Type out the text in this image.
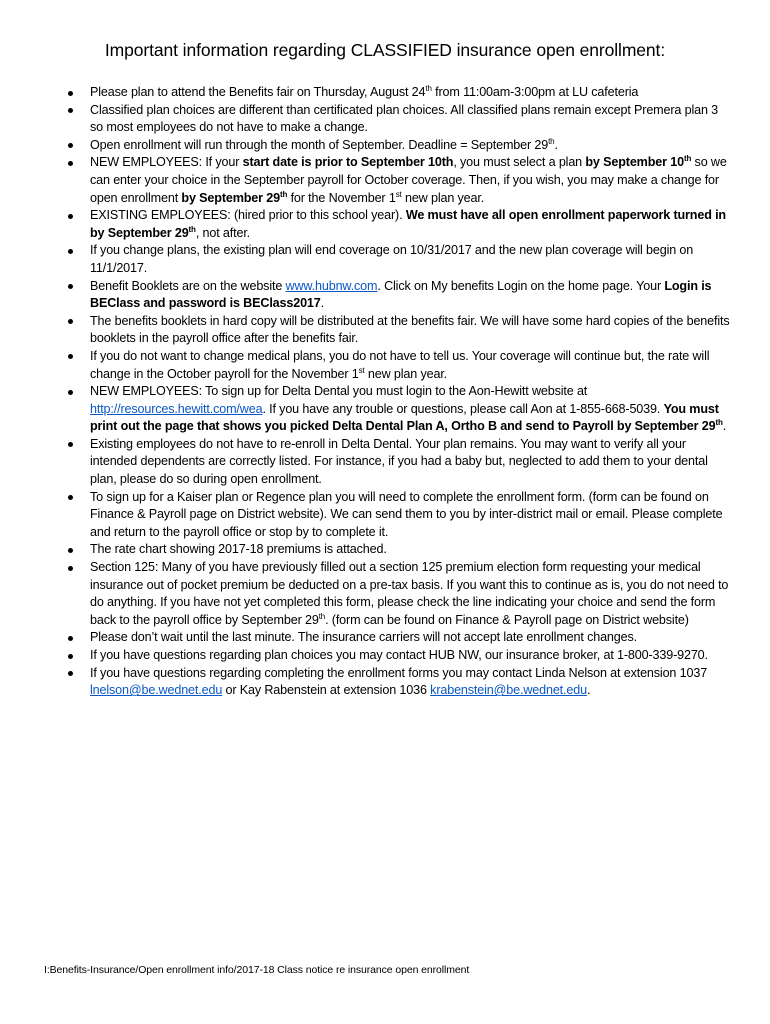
Important information regarding CLASSIFIED insurance open enrollment:
Please plan to attend the Benefits fair on Thursday, August 24th from 11:00am-3:00pm at LU cafeteria
Classified plan choices are different than certificated plan choices. All classified plans remain except Premera plan 3 so most employees do not have to make a change.
Open enrollment will run through the month of September. Deadline = September 29th.
NEW EMPLOYEES: If your start date is prior to September 10th, you must select a plan by September 10th so we can enter your choice in the September payroll for October coverage. Then, if you wish, you may make a change for open enrollment by September 29th for the November 1st new plan year.
EXISTING EMPLOYEES: (hired prior to this school year). We must have all open enrollment paperwork turned in by September 29th, not after.
If you change plans, the existing plan will end coverage on 10/31/2017 and the new plan coverage will begin on 11/1/2017.
Benefit Booklets are on the website www.hubnw.com. Click on My benefits Login on the home page. Your Login is BEClass and password is BEClass2017.
The benefits booklets in hard copy will be distributed at the benefits fair. We will have some hard copies of the benefits booklets in the payroll office after the benefits fair.
If you do not want to change medical plans, you do not have to tell us. Your coverage will continue but, the rate will change in the October payroll for the November 1st new plan year.
NEW EMPLOYEES: To sign up for Delta Dental you must login to the Aon-Hewitt website at http://resources.hewitt.com/wea. If you have any trouble or questions, please call Aon at 1-855-668-5039. You must print out the page that shows you picked Delta Dental Plan A, Ortho B and send to Payroll by September 29th.
Existing employees do not have to re-enroll in Delta Dental. Your plan remains. You may want to verify all your intended dependents are correctly listed. For instance, if you had a baby but, neglected to add them to your dental plan, please do so during open enrollment.
To sign up for a Kaiser plan or Regence plan you will need to complete the enrollment form. (form can be found on Finance & Payroll page on District website). We can send them to you by inter-district mail or email. Please complete and return to the payroll office or stop by to complete it.
The rate chart showing 2017-18 premiums is attached.
Section 125: Many of you have previously filled out a section 125 premium election form requesting your medical insurance out of pocket premium be deducted on a pre-tax basis. If you want this to continue as is, you do not need to do anything. If you have not yet completed this form, please check the line indicating your choice and send the form back to the payroll office by September 29th. (form can be found on Finance & Payroll page on District website)
Please don’t wait until the last minute. The insurance carriers will not accept late enrollment changes.
If you have questions regarding plan choices you may contact HUB NW, our insurance broker, at 1-800-339-9270.
If you have questions regarding completing the enrollment forms you may contact Linda Nelson at extension 1037 lnelson@be.wednet.edu or Kay Rabenstein at extension 1036 krabenstein@be.wednet.edu.
I:Benefits-Insurance/Open enrollment info/2017-18 Class notice re insurance open enrollment
